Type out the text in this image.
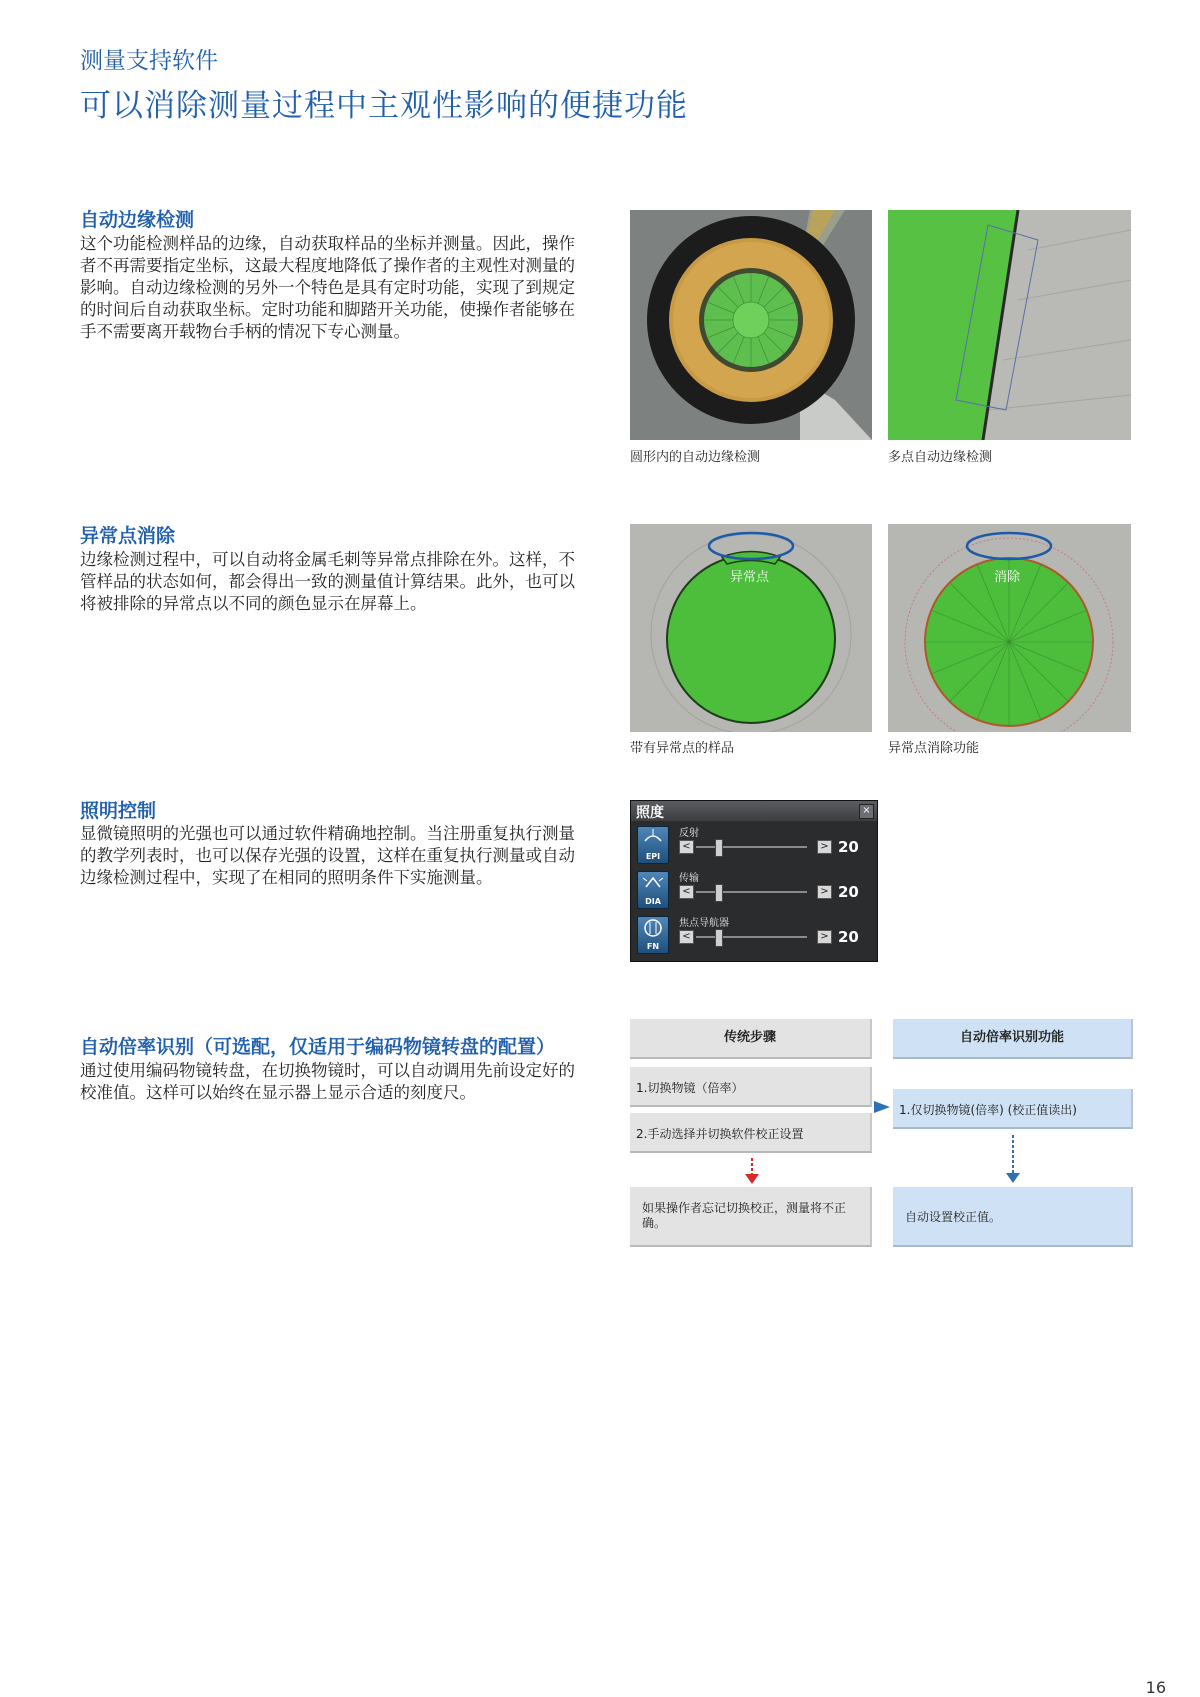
测量支持软件
可以消除测量过程中主观性影响的便捷功能
自动边缘检测
这个功能检测样品的边缘，自动获取样品的坐标并测量。因此，操作者不再需要指定坐标，这最大程度地降低了操作者的主观性对测量的影响。自动边缘检测的另外一个特色是具有定时功能，实现了到规定的时间后自动获取坐标。定时功能和脚踏开关功能，使操作者能够在手不需要离开载物台手柄的情况下专心测量。
圆形内的自动边缘检测	多点自动边缘检测
异常点消除
边缘检测过程中，可以自动将金属毛刺等异常点排除在外。这样，不管样品的状态如何，都会得出一致的测量值计算结果。此外，也可以将被排除的异常点以不同的颜色显示在屏幕上。
异常点	消除
带有异常点的样品	异常点消除功能
照明控制
显微镜照明的光强也可以通过软件精确地控制。当注册重复执行测量的教学列表时，也可以保存光强的设置，这样在重复执行测量或自动边缘检测过程中，实现了在相同的照明条件下实施测量。
照度	×
EPI
反射
<	> 20
DIA
传输
<	> 20
FN
焦点导航器
<	> 20
自动倍率识别（可选配，仅适用于编码物镜转盘的配置）
通过使用编码物镜转盘，在切换物镜时，可以自动调用先前设定好的校准值。这样可以始终在显示器上显示合适的刻度尺。
传统步骤	自动倍率识别功能
1.切换物镜（倍率）
2.手动选择并切换软件校正设置
1.仅切换物镜(倍率) (校正值读出)
如果操作者忘记切换校正，测量将不正确。	自动设置校正值。
16
